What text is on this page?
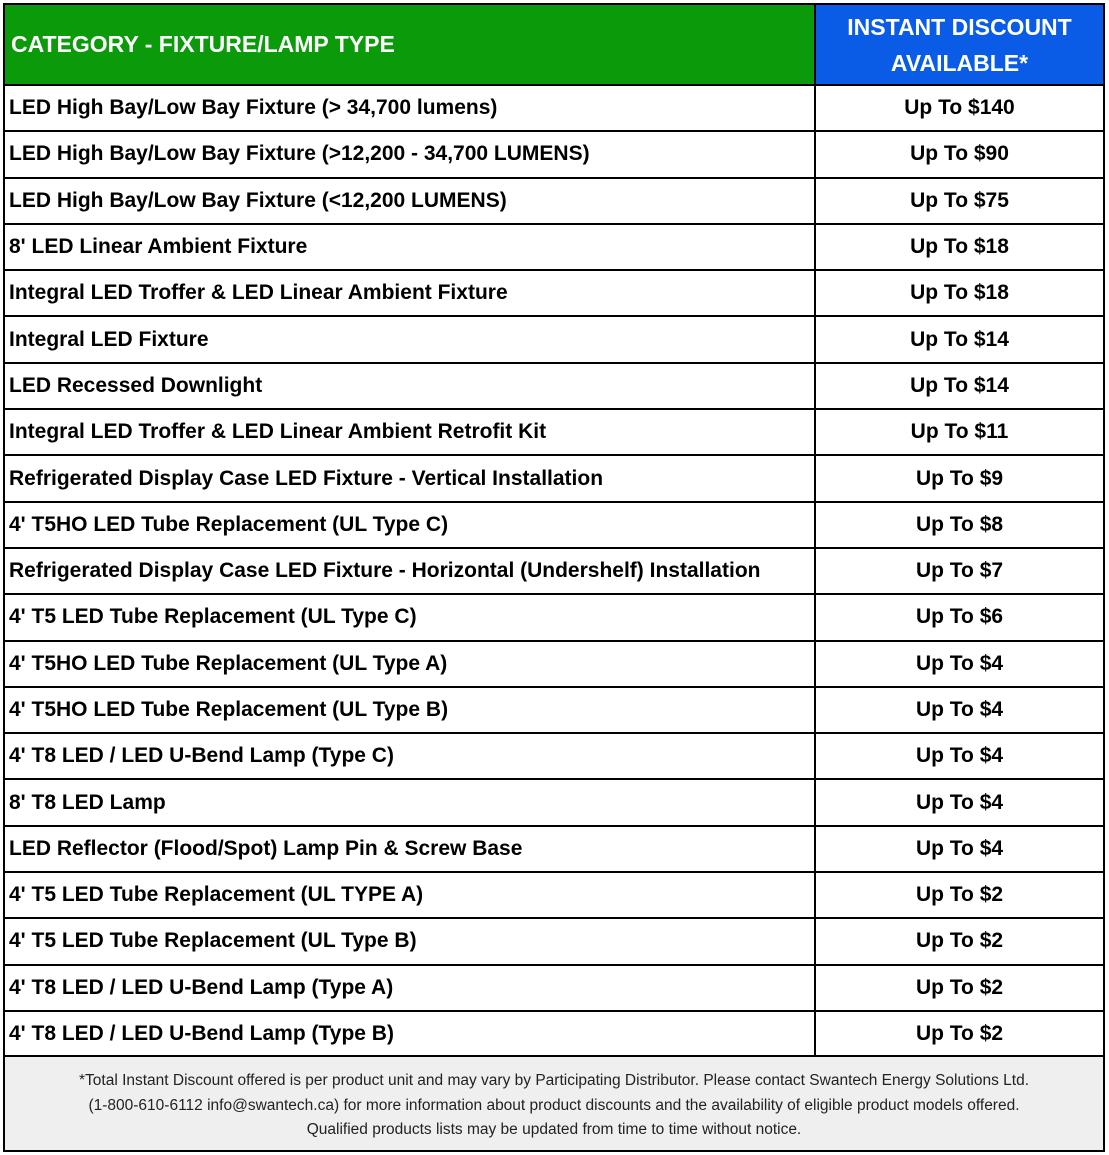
CATEGORY - FIXTURE/LAMP TYPE	INSTANT DISCOUNT
AVAILABLE*

LED High Bay/Low Bay Fixture (> 34,700 lumens)	Up To $140
LED High Bay/Low Bay Fixture (>12,200 - 34,700 LUMENS)	Up To $90
LED High Bay/Low Bay Fixture (<12,200 LUMENS)	Up To $75
8' LED Linear Ambient Fixture	Up To $18
Integral LED Troffer & LED Linear Ambient Fixture	Up To $18
Integral LED Fixture	Up To $14
LED Recessed Downlight	Up To $14
Integral LED Troffer & LED Linear Ambient Retrofit Kit	Up To $11
Refrigerated Display Case LED Fixture - Vertical Installation	Up To $9
4' T5HO LED Tube Replacement (UL Type C)	Up To $8
Refrigerated Display Case LED Fixture - Horizontal (Undershelf) Installation	Up To $7
4' T5 LED Tube Replacement (UL Type C)	Up To $6
4' T5HO LED Tube Replacement (UL Type A)	Up To $4
4' T5HO LED Tube Replacement (UL Type B)	Up To $4
4' T8 LED / LED U-Bend Lamp (Type C)	Up To $4
8' T8 LED Lamp	Up To $4
LED Reflector (Flood/Spot) Lamp Pin & Screw Base	Up To $4
4' T5 LED Tube Replacement (UL TYPE A)	Up To $2
4' T5 LED Tube Replacement (UL Type B)	Up To $2
4' T8 LED / LED U-Bend Lamp (Type A)	Up To $2
4' T8 LED / LED U-Bend Lamp (Type B)	Up To $2
*Total Instant Discount offered is per product unit and may vary by Participating Distributor. Please contact Swantech Energy Solutions Ltd.
(1-800-610-6112 info@swantech.ca) for more information about product discounts and the availability of eligible product models offered.
Qualified products lists may be updated from time to time without notice.
